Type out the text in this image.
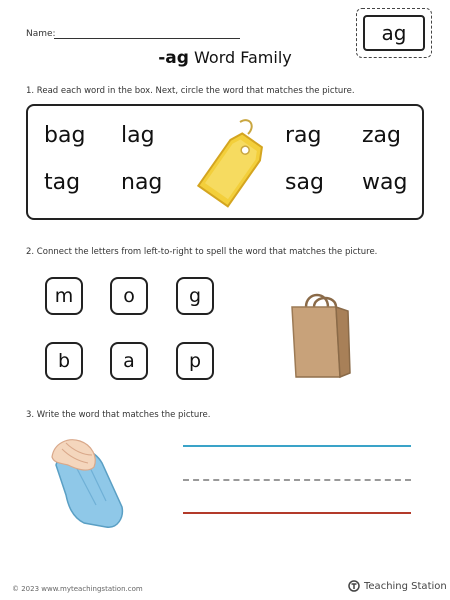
Name:	ag
-ag Word Family
1. Read each word in the box. Next, circle the word that matches the picture.
bag lag
tag nag
rag zag
sag wag
2. Connect the letters from left-to-right to spell the word that matches the picture.
m	o	g
b	a	p
3. Write the word that matches the picture.
© 2023 www.myteachingstation.com	Teaching Station
